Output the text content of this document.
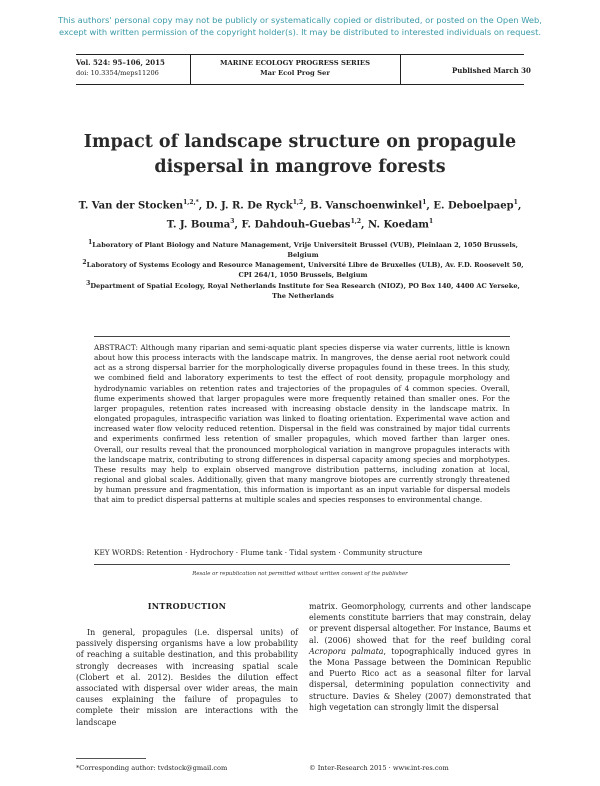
This authors' personal copy may not be publicly or systematically copied or distributed, or posted on the Open Web,
except with written permission of the copyright holder(s). It may be distributed to interested individuals on request.
Vol. 524: 95–106, 2015
doi: 10.3354/meps11206
MARINE ECOLOGY PROGRESS SERIES
Mar Ecol Prog Ser	Published March 30
Impact of landscape structure on propagule
dispersal in mangrove forests
T. Van der Stocken$^{1,2,*}$, D. J. R. De Ryck$^{1,2}$, B. Vanschoenwinkel$^1$, E. Deboelpaep$^1$,
T. J. Bouma$^3$, F. Dahdouh-Guebas$^{1,2}$, N. Koedam$^1$
$^1$Laboratory of Plant Biology and Nature Management, Vrije Universiteit Brussel (VUB), Pleinlaan 2, 1050 Brussels,
Belgium
$^2$Laboratory of Systems Ecology and Resource Management, Université Libre de Bruxelles (ULB), Av. F.D. Roosevelt 50,
CPI 264/1, 1050 Brussels, Belgium
$^3$Department of Spatial Ecology, Royal Netherlands Institute for Sea Research (NIOZ), PO Box 140, 4400 AC Yerseke,
The Netherlands
ABSTRACT: Although many riparian and semi-aquatic plant species disperse via water currents, little is known about how this process interacts with the landscape matrix. In mangroves, the dense aerial root network could act as a strong dispersal barrier for the morphologically diverse propagules found in these trees. In this study, we combined field and laboratory experiments to test the effect of root density, propagule morphology and hydrodynamic variables on retention rates and trajectories of the propagules of 4 common species. Overall, flume experiments showed that larger propagules were more frequently retained than smaller ones. For the larger propagules, retention rates increased with increasing obstacle density in the landscape matrix. In elongated propagules, intraspecific variation was linked to floating orientation. Experimental wave action and increased water flow velocity reduced retention. Dispersal in the field was constrained by major tidal currents and experiments confirmed less retention of smaller propagules, which moved farther than larger ones. Overall, our results reveal that the pronounced morphological variation in mangrove propagules interacts with the landscape matrix, contributing to strong differences in dispersal capacity among species and morphotypes. These results may help to explain observed mangrove distribution patterns, including zonation at local, regional and global scales. Additionally, given that many mangrove biotopes are currently strongly threatened by human pressure and fragmentation, this information is important as an input variable for dispersal models that aim to predict dispersal patterns at multiple scales and species responses to environmental change.
KEY WORDS: Retention · Hydrochory · Flume tank · Tidal system · Community structure
Resale or republication not permitted without written consent of the publisher
INTRODUCTION

In general, propagules (i.e. dispersal units) of passively dispersing organisms have a low probability of reaching a suitable destination, and this probability strongly decreases with increasing spatial scale (Clobert et al. 2012). Besides the dilution effect associated with dispersal over wider areas, the main causes explaining the failure of propagules to complete their mission are interactions with the landscape

matrix. Geomorphology, currents and other landscape elements constitute barriers that may constrain, delay or prevent dispersal altogether. For instance, Baums et al. (2006) showed that for the reef building coral Acropora palmata, topographically induced gyres in the Mona Passage between the Dominican Republic and Puerto Rico act as a seasonal filter for larval dispersal, determining population connectivity and structure. Davies & Sheley (2007) demonstrated that high vegetation can strongly limit the dispersal

*Corresponding author: tvdstock@gmail.com	© Inter-Research 2015 · www.int-res.com
